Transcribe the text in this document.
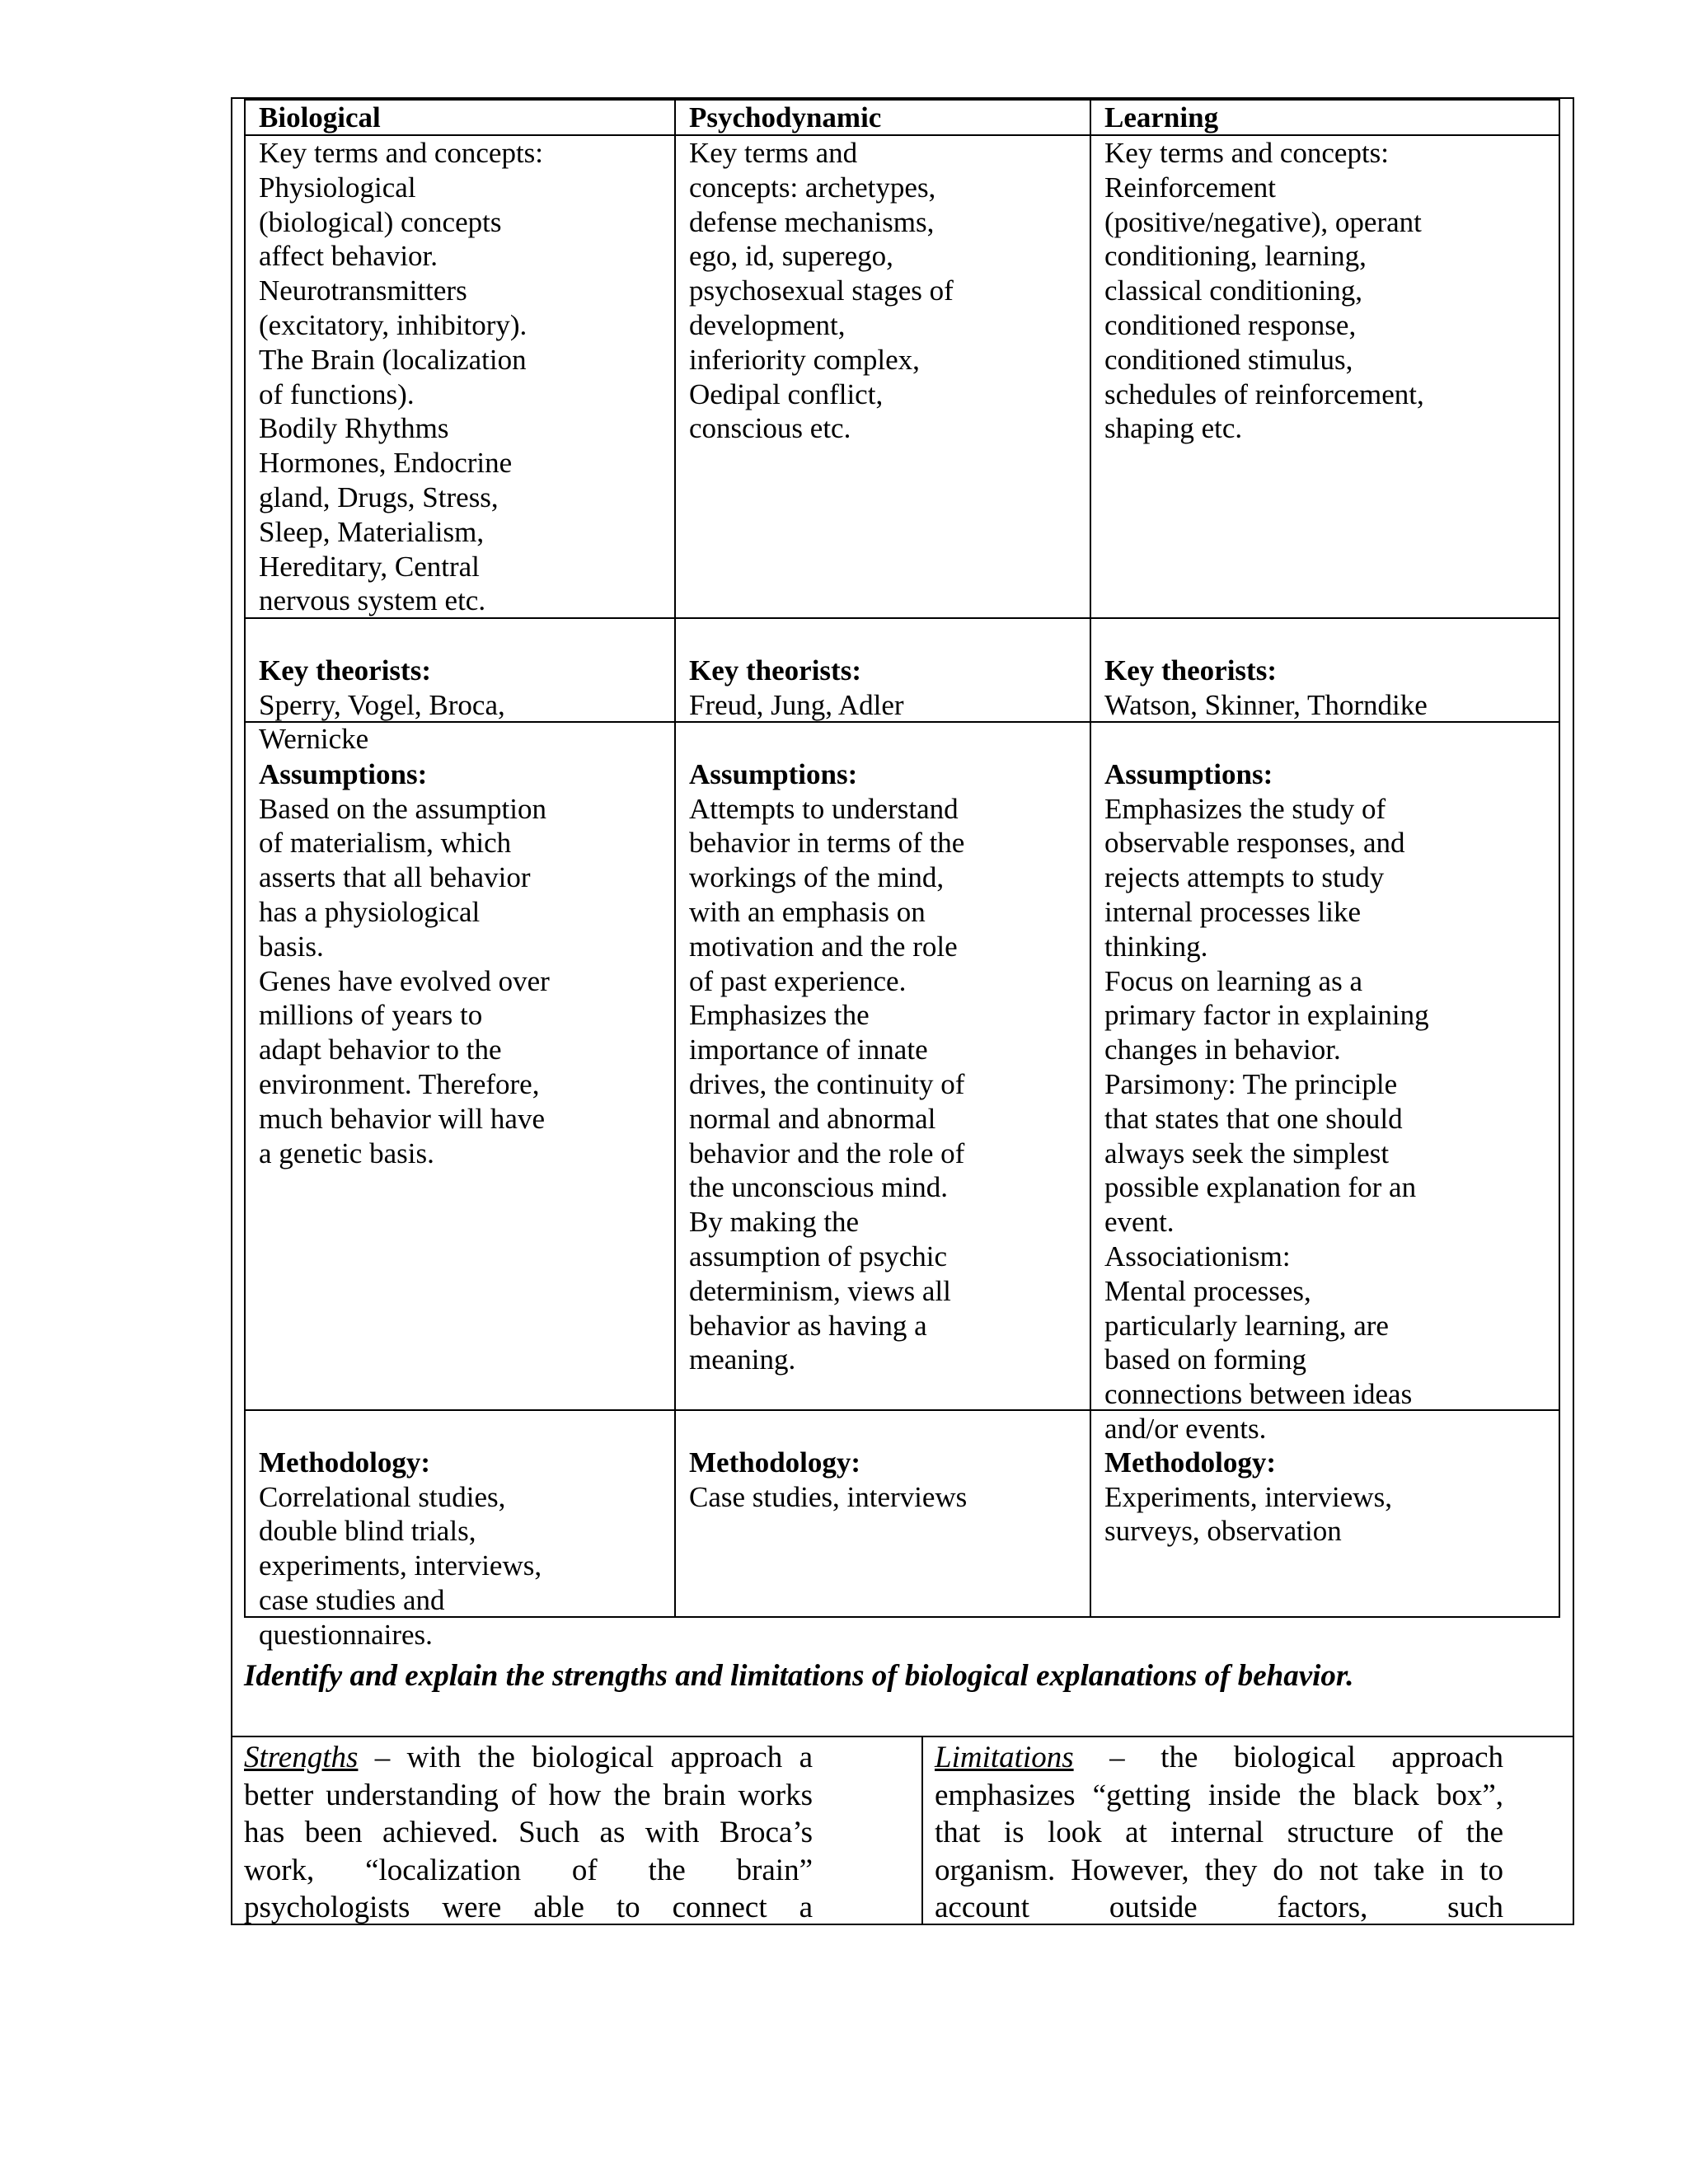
Biological	Psychodynamic	Learning
Key terms and concepts:
Physiological
(biological) concepts
affect behavior.
Neurotransmitters
(excitatory, inhibitory).
The Brain (localization
of functions).
Bodily Rhythms
Hormones, Endocrine
gland, Drugs, Stress,
Sleep, Materialism,
Hereditary, Central
nervous system etc.
Key terms and
concepts: archetypes,
defense mechanisms,
ego, id, superego,
psychosexual stages of
development,
inferiority complex,
Oedipal conflict,
conscious etc.
Key terms and concepts:
Reinforcement
(positive/negative), operant
conditioning, learning,
classical conditioning,
conditioned response,
conditioned stimulus,
schedules of reinforcement,
shaping etc.

Key theorists:
Sperry, Vogel, Broca,
Wernicke

Key theorists:
Freud, Jung, Adler

Key theorists:
Watson, Skinner, Thorndike

Assumptions:
Based on the assumption
of materialism, which
asserts that all behavior
has a physiological
basis.
Genes have evolved over
millions of years to
adapt behavior to the
environment. Therefore,
much behavior will have
a genetic basis.

Assumptions:
Attempts to understand
behavior in terms of the
workings of the mind,
with an emphasis on
motivation and the role
of past experience.
Emphasizes the
importance of innate
drives, the continuity of
normal and abnormal
behavior and the role of
the unconscious mind.
By making the
assumption of psychic
determinism, views all
behavior as having a
meaning.

Assumptions:
Emphasizes the study of
observable responses, and
rejects attempts to study
internal processes like
thinking.
Focus on learning as a
primary factor in explaining
changes in behavior.
Parsimony: The principle
that states that one should
always seek the simplest
possible explanation for an
event.
Associationism:
Mental processes,
particularly learning, are
based on forming
connections between ideas
and/or events.

Methodology:
Correlational studies,
double blind trials,
experiments, interviews,
case studies and
questionnaires.

Methodology:
Case studies, interviews

Methodology:
Experiments, interviews,
surveys, observation

Identify and explain the strengths and limitations of biological explanations of behavior.
Strengths – with the biological approach a better understanding of how the brain works has been achieved. Such as with Broca’s work, “localization of the brain” psychologists were able to connect a
Limitations – the biological approach emphasizes “getting inside the black box”, that is look at internal structure of the organism. However, they do not take in to account outside factors, such
